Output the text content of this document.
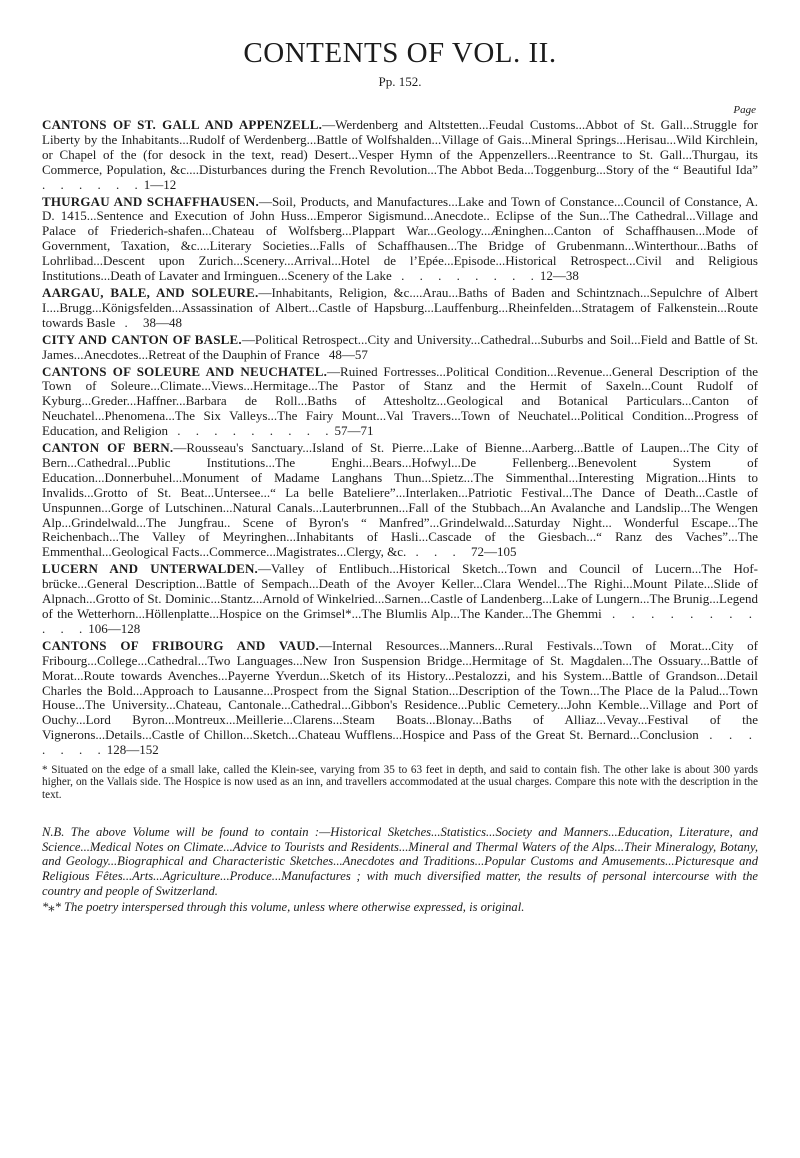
CONTENTS OF VOL. II.
Pp. 152.
Page
CANTONS OF ST. GALL AND APPENZELL.—Werdenberg and Altstetten...Feudal Customs...Abbot of St. Gall...Struggle for Liberty by the Inhabitants...Rudolf of Werdenberg...Battle of Wolfshalden...Village of Gais...Mineral Springs...Herisau...Wild Kirchlein, or Chapel of the (for desock in the text, read) Desert...Vesper Hymn of the Appenzellers...Reentrance to St. Gall...Thurgau, its Commerce, Population, &c....Disturbances during the French Revolution...The Abbot Beda...Toggenburg...Story of the “ Beautiful Ida” . . . . . .1—12
THURGAU AND SCHAFFHAUSEN.—Soil, Products, and Manufactures...Lake and Town of Constance...Council of Constance, A. D. 1415...Sentence and Execution of John Huss...Emperor Sigismund...Anecdote.. Eclipse of the Sun...The Cathedral...Village and Palace of Friederich-shafen...Chateau of Wolfsberg...Plappart War...Geology...Æninghen...Canton of Schaffhausen...Mode of Government, Taxation, &c....Literary Societies...Falls of Schaffhausen...The Bridge of Grubenmann...Winterthour...Baths of Lohrlibad...Descent upon Zurich...Scenery...Arrival...Hotel de l’Epée...Episode...Historical Retrospect...Civil and Religious Institutions...Death of Lavater and Irminguen...Scenery of the Lake . . . . . . . .12—38
AARGAU, BALE, AND SOLEURE.—Inhabitants, Religion, &c....Arau...Baths of Baden and Schintznach...Sepulchre of Albert I....Brugg...Königsfelden...Assassination of Albert...Castle of Hapsburg...Lauffenburg...Rheinfelden...Stratagem of Falkenstein...Route towards Basle . 38—48
CITY AND CANTON OF BASLE.—Political Retrospect...City and University...Cathedral...Suburbs and Soil...Field and Battle of St. James...Anecdotes...Retreat of the Dauphin of France 48—57
CANTONS OF SOLEURE AND NEUCHATEL.—Ruined Fortresses...Political Condition...Revenue...General Description of the Town of Soleure...Climate...Views...Hermitage...The Pastor of Stanz and the Hermit of Saxeln...Count Rudolf of Kyburg...Greder...Haffner...Barbara de Roll...Baths of Attesholtz...Geological and Botanical Particulars...Canton of Neuchatel...Phenomena...The Six Valleys...The Fairy Mount...Val Travers...Town of Neuchatel...Political Condition...Progress of Education, and Religion . . . . . . . . .57—71
CANTON OF BERN.—Rousseau's Sanctuary...Island of St. Pierre...Lake of Bienne...Aarberg...Battle of Laupen...The City of Bern...Cathedral...Public Institutions...The Enghi...Bears...Hofwyl...De Fellenberg...Benevolent System of Education...Donnerbuhel...Monument of Madame Langhans Thun...Spietz...The Simmenthal...Interesting Migration...Hints to Invalids...Grotto of St. Beat...Untersee...“ La belle Bateliere”...Interlaken...Patriotic Festival...The Dance of Death...Castle of Unspunnen...Gorge of Lutschinen...Natural Canals...Lauterbrunnen...Fall of the Stubbach...An Avalanche and Landslip...The Wengen Alp...Grindelwald...The Jungfrau.. Scene of Byron's “ Manfred”...Grindelwald...Saturday Night... Wonderful Escape...The Reichenbach...The Valley of Meyringhen...Inhabitants of Hasli...Cascade of the Giesbach...“ Ranz des Vaches”...The Emmenthal...Geological Facts...Commerce...Magistrates...Clergy, &c. . . . 72—105
LUCERN AND UNTERWALDEN.—Valley of Entlibuch...Historical Sketch...Town and Council of Lucern...The Hof-brücke...General Description...Battle of Sempach...Death of the Avoyer Keller...Clara Wendel...The Righi...Mount Pilate...Slide of Alpnach...Grotto of St. Dominic...Stantz...Arnold of Winkelried...Sarnen...Castle of Landenberg...Lake of Lungern...The Brunig...Legend of the Wetterhorn...Höllenplatte...Hospice on the Grimsel*...The Blumlis Alp...The Kander...The Ghemmi . . . . . . . . . . .106—128
CANTONS OF FRIBOURG AND VAUD.—Internal Resources...Manners...Rural Festivals...Town of Morat...City of Fribourg...College...Cathedral...Two Languages...New Iron Suspension Bridge...Hermitage of St. Magdalen...The Ossuary...Battle of Morat...Route towards Avenches...Payerne Yverdun...Sketch of its History...Pestalozzi, and his System...Battle of Grandson...Detail Charles the Bold...Approach to Lausanne...Prospect from the Signal Station...Description of the Town...The Place de la Palud...Town House...The University...Chateau, Cantonale...Cathedral...Gibbon's Residence...Public Cemetery...John Kemble...Village and Port of Ouchy...Lord Byron...Montreux...Meillerie...Clarens...Steam Boats...Blonay...Baths of Alliaz...Vevay...Festival of the Vignerons...Details...Castle of Chillon...Sketch...Chateau Wufflens...Hospice and Pass of the Great St. Bernard...Conclusion . . . . . . .128—152
* Situated on the edge of a small lake, called the Klein-see, varying from 35 to 63 feet in depth, and said to contain fish. The other lake is about 300 yards higher, on the Vallais side. The Hospice is now used as an inn, and travellers accommodated at the usual charges. Compare this note with the description in the text.
N.B. The above Volume will be found to contain :—Historical Sketches...Statistics...Society and Manners...Education, Literature, and Science...Medical Notes on Climate...Advice to Tourists and Residents...Mineral and Thermal Waters of the Alps...Their Mineralogy, Botany, and Geology...Biographical and Characteristic Sketches...Anecdotes and Traditions...Popular Customs and Amusements...Picturesque and Religious Fêtes...Arts...Agriculture...Produce...Manufactures ; with much diversified matter, the results of personal intercourse with the country and people of Switzerland.
*⁎* The poetry interspersed through this volume, unless where otherwise expressed, is original.
